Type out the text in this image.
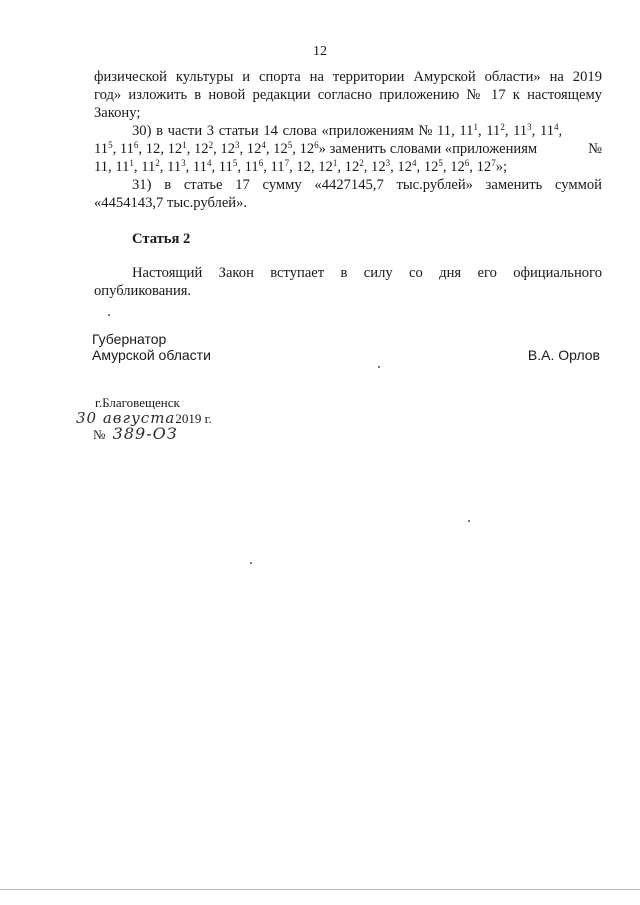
12
физической культуры и спорта на территории Амурской области» на 2019
год» изложить в новой редакции согласно приложению № 17 к настоящему
Закону;
30) в части 3 статьи 14 слова «приложениям № 11, $11^1$, $11^2$, $11^3$, $11^4$,
$11^5$, $11^6$, 12, $12^1$, $12^2$, $12^3$, $12^4$, $12^5$, $12^6$» заменить словами «приложениям	№
11, $11^1$, $11^2$, $11^3$, $11^4$, $11^5$, $11^6$, $11^7$, 12, $12^1$, $12^2$, $12^3$, $12^4$, $12^5$, $12^6$, $12^7$»;
31) в статье 17 сумму «4427145,7 тыс.рублей» заменить суммой
«4454143,7 тыс.рублей».
Статья 2
Настоящий Закон вступает в силу со дня его официального
опубликования.
Губернатор
Амурской области	В.А. Орлов
г.Благовещенск
30 августа2019 г.
№ 389-ОЗ
